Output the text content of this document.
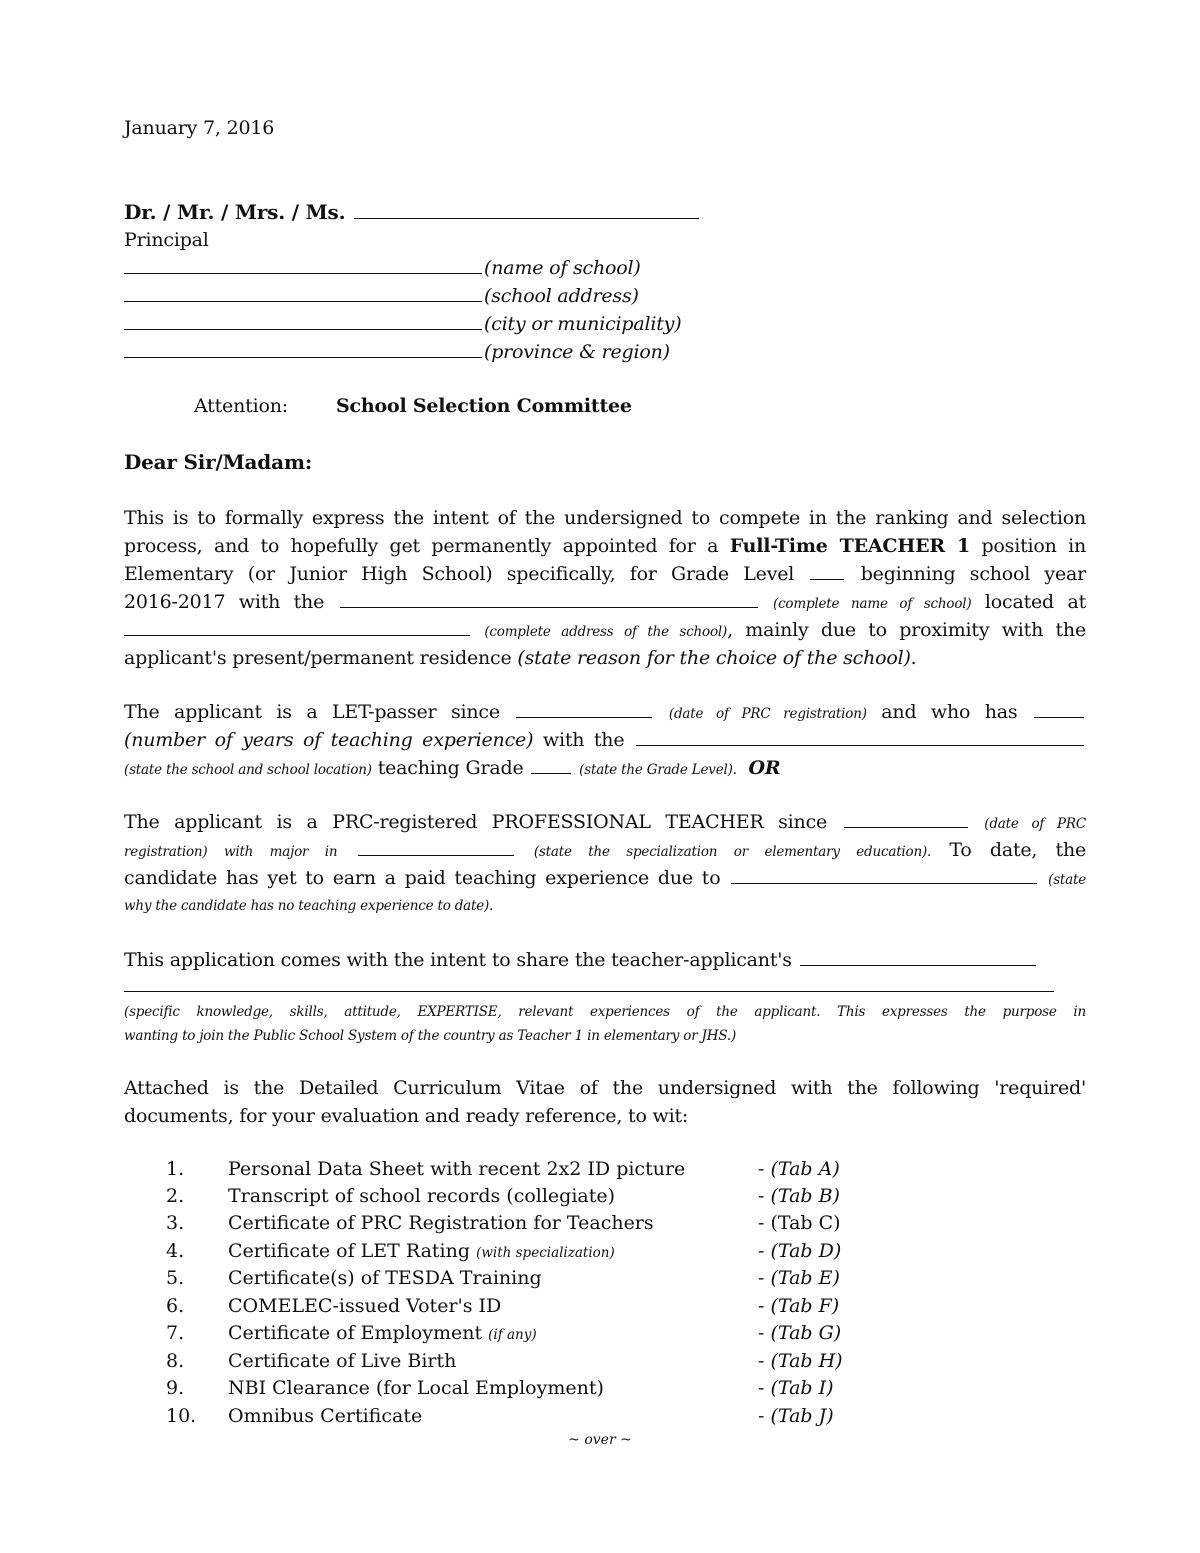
January 7, 2016
Dr. / Mr. / Mrs. / Ms.
Principal
(name of school)
(school address)
(city or municipality)
(province & region)
Attention:	School Selection Committee
Dear Sir/Madam:
This is to formally express the intent of the undersigned to compete in the ranking and selection
process, and to hopefully get permanently appointed for a Full-Time TEACHER 1 position in
Elementary (or Junior High School) specifically, for Grade Level	beginning school year
2016-2017 with the	(complete name of school) located at
(complete address of the school), mainly due to proximity with the
applicant's present/permanent residence (state reason for the choice of the school).
The applicant is a LET-passer since	(date of PRC registration) and who has
(number of years of teaching experience) with the
(state the school and school location) teaching Grade	(state the Grade Level). OR
The applicant is a PRC-registered PROFESSIONAL TEACHER since	(date of PRC
registration) with major in	(state the specialization or elementary education). To date, the
candidate has yet to earn a paid teaching experience due to	(state
why the candidate has no teaching experience to date).
This application comes with the intent to share the teacher-applicant's
(specific knowledge, skills, attitude, EXPERTISE, relevant experiences of the applicant. This expresses the purpose in
wanting to join the Public School System of the country as Teacher 1 in elementary or JHS.)
Attached is the Detailed Curriculum Vitae of the undersigned with the following 'required'
documents, for your evaluation and ready reference, to wit:
1. Personal Data Sheet with recent 2x2 ID picture	- (Tab A)
2. Transcript of school records (collegiate)	- (Tab B)
3. Certificate of PRC Registration for Teachers	- (Tab C)
4. Certificate of LET Rating (with specialization)	- (Tab D)
5. Certificate(s) of TESDA Training	- (Tab E)
6. COMELEC-issued Voter's ID	- (Tab F)
7. Certificate of Employment (if any)	- (Tab G)
8. Certificate of Live Birth	- (Tab H)
9. NBI Clearance (for Local Employment)	- (Tab I)
10. Omnibus Certificate	- (Tab J)
~ over ~
